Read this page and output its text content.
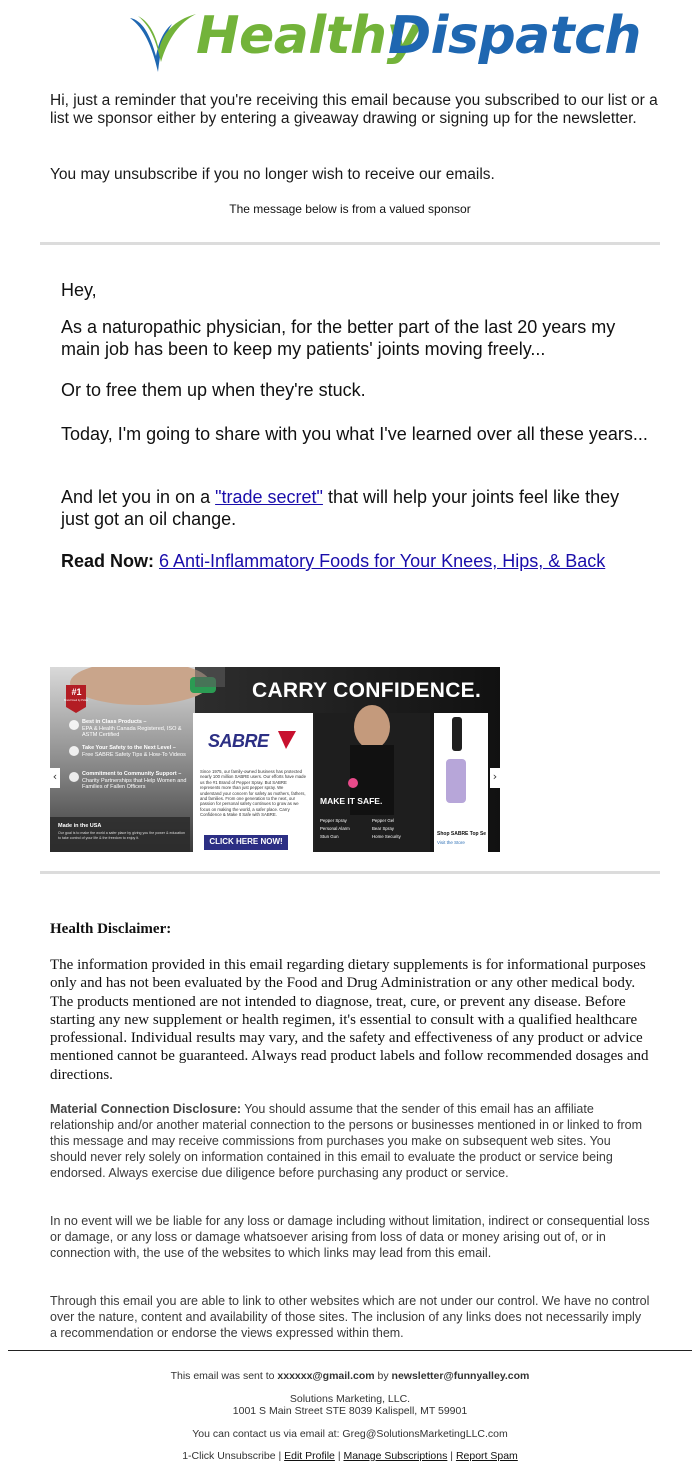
Healthy
Dispatch

Hi, just a reminder that you're receiving this email because you subscribed to our list or a list we sponsor either by entering a giveaway drawing or signing up for the newsletter.

You may unsubscribe if you no longer wish to receive our emails.

The message below is from a valued sponsor

Hey,

As a naturopathic physician, for the better part of the last 20 years my main job has been to keep my patients' joints moving freely...

Or to free them up when they're stuck.

Today, I'm going to share with you what I've learned over all these years...

And let you in on a "trade secret" that will help your joints feel like they just got an oil change.

Read Now: 6 Anti-Inflammatory Foods for Your Knees, Hips, & Back

CARRY CONFIDENCE.
#1
Brand Used by Police
Best in Class Products –
EPA & Health Canada Registered, ISO & ASTM Certified
Take Your Safety to the Next Level –
Free SABRE Safety Tips & How-To Videos
Commitment to Community Support –
Charity Partnerships that Help Women and Families of Fallen Officers
Made in the USA
Our goal is to make the world a safer place by giving you the power & education to take control of your life & the freedom to enjoy it.
SABRE
Since 1975, our family-owned business has protected nearly 100 million SABRE users. Our efforts have made us the #1 Brand of Pepper Spray. But SABRE represents more than just pepper spray. We understand your concern for safety as mothers, fathers, and families. From one generation to the next, our passion for personal safety continues to grow as we focus on making the world, a safer place. Carry Confidence & Make It Safe with SABRE.
CLICK HERE NOW!
MAKE IT SAFE.
Pepper Spray	Pepper Gel
Personal Alarm	Bear Spray
Stun Gun	Home Security	Shop SABRE Top Se
Visit the Store
‹	›
Health Disclaimer:
The information provided in this email regarding dietary supplements is for informational purposes only and has not been evaluated by the Food and Drug Administration or any other medical body. The products mentioned are not intended to diagnose, treat, cure, or prevent any disease. Before starting any new supplement or health regimen, it's essential to consult with a qualified healthcare professional. Individual results may vary, and the safety and effectiveness of any product or advice mentioned cannot be guaranteed. Always read product labels and follow recommended dosages and directions.
Material Connection Disclosure: You should assume that the sender of this email has an affiliate relationship and/or another material connection to the persons or businesses mentioned in or linked to from this message and may receive commissions from purchases you make on subsequent web sites. You should never rely solely on information contained in this email to evaluate the product or service being endorsed. Always exercise due diligence before purchasing any product or service.
In no event will we be liable for any loss or damage including without limitation, indirect or consequential loss or damage, or any loss or damage whatsoever arising from loss of data or money arising out of, or in connection with, the use of the websites to which links may lead from this email.
Through this email you are able to link to other websites which are not under our control. We have no control over the nature, content and availability of those sites. The inclusion of any links does not necessarily imply a recommendation or endorse the views expressed within them.
This email was sent to xxxxxx@gmail.com by newsletter@funnyalley.com
Solutions Marketing, LLC.
1001 S Main Street STE 8039 Kalispell, MT 59901
You can contact us via email at: Greg@SolutionsMarketingLLC.com
1-Click Unsubscribe | Edit Profile | Manage Subscriptions | Report Spam
